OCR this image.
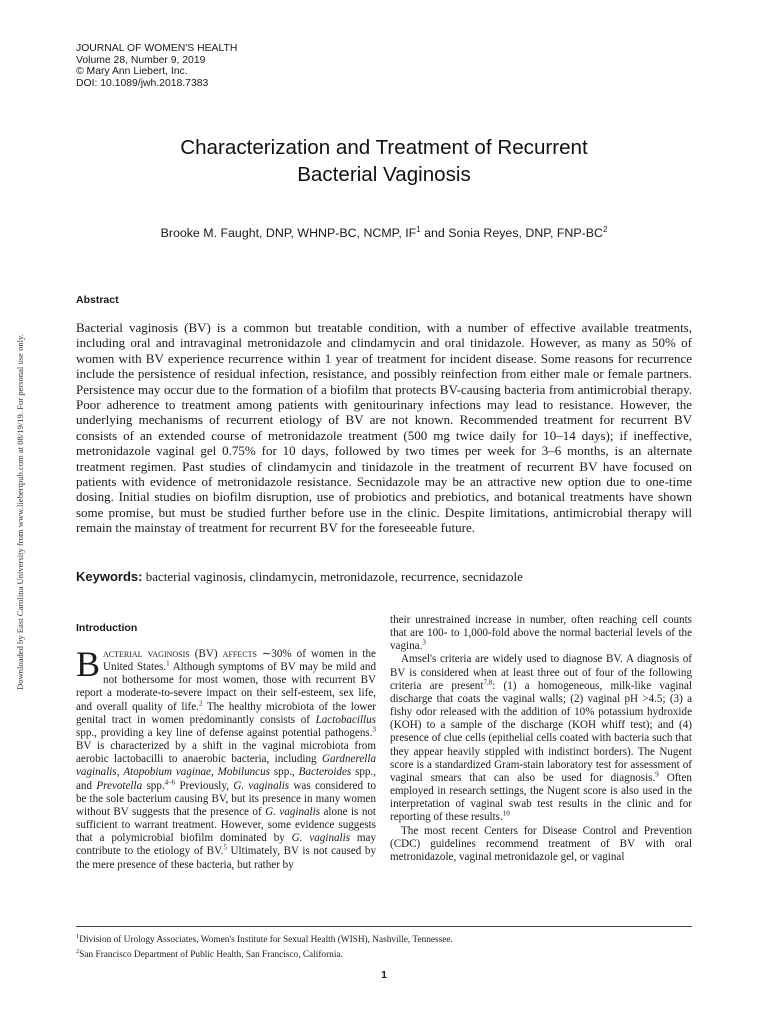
Downloaded by East Carolina University from www.liebertpub.com at 08/19/19. For personal use only.
JOURNAL OF WOMEN'S HEALTH
Volume 28, Number 9, 2019
© Mary Ann Liebert, Inc.
DOI: 10.1089/jwh.2018.7383
Characterization and Treatment of Recurrent
Bacterial Vaginosis
Brooke M. Faught, DNP, WHNP-BC, NCMP, $IF^1$ and Sonia Reyes, DNP, FNP-$BC^2$
Abstract

Bacterial vaginosis (BV) is a common but treatable condition, with a number of effective available treatments, including oral and intravaginal metronidazole and clindamycin and oral tinidazole. However, as many as 50% of women with BV experience recurrence within 1 year of treatment for incident disease. Some reasons for recurrence include the persistence of residual infection, resistance, and possibly reinfection from either male or female partners. Persistence may occur due to the formation of a biofilm that protects BV-causing bacteria from antimicrobial therapy. Poor adherence to treatment among patients with genitourinary infections may lead to resistance. However, the underlying mechanisms of recurrent etiology of BV are not known. Recommended treatment for recurrent BV consists of an extended course of metronidazole treatment (500 mg twice daily for 10–14 days); if ineffective, metronidazole vaginal gel 0.75% for 10 days, followed by two times per week for 3–6 months, is an alternate treatment regimen. Past studies of clindamycin and tinidazole in the treatment of recurrent BV have focused on patients with evidence of metronidazole resistance. Secnidazole may be an attractive new option due to one-time dosing. Initial studies on biofilm disruption, use of probiotics and prebiotics, and botanical treatments have shown some promise, but must be studied further before use in the clinic. Despite limitations, antimicrobial therapy will remain the mainstay of treatment for recurrent BV for the foreseeable future.

Keywords: bacterial vaginosis, clindamycin, metronidazole, recurrence, secnidazole
Introduction

Bacterial vaginosis (BV) affects ∼30% of women in the United States.$^1$ Although symptoms of BV may be mild and not bothersome for most women, those with recurrent BV report a moderate-to-severe impact on their self-esteem, sex life, and overall quality of life.$^2$ The healthy microbiota of the lower genital tract in women predominantly consists of Lactobacillus spp., providing a key line of defense against potential pathogens.$^3$ BV is characterized by a shift in the vaginal microbiota from aerobic lactobacilli to anaerobic bacteria, including Gardnerella vaginalis, Atopobium vaginae, Mobiluncus spp., Bacteroides spp., and Prevotella spp.$^{4-6}$ Previously, G. vaginalis was considered to be the sole bacterium causing BV, but its presence in many women without BV suggests that the presence of G. vaginalis alone is not sufficient to warrant treatment. However, some evidence suggests that a polymicrobial biofilm dominated by G. vaginalis may contribute to the etiology of BV.$^5$ Ultimately, BV is not caused by the mere presence of these bacteria, but rather by

their unrestrained increase in number, often reaching cell counts that are 100- to 1,000-fold above the normal bacterial levels of the vagina.$^3$

Amsel's criteria are widely used to diagnose BV. A diagnosis of BV is considered when at least three out of four of the following criteria are present$^{7,8}$: (1) a homogeneous, milk-like vaginal discharge that coats the vaginal walls; (2) vaginal pH >4.5; (3) a fishy odor released with the addition of 10% potassium hydroxide (KOH) to a sample of the discharge (KOH whiff test); and (4) presence of clue cells (epithelial cells coated with bacteria such that they appear heavily stippled with indistinct borders). The Nugent score is a standardized Gram-stain laboratory test for assessment of vaginal smears that can also be used for diagnosis.$^9$ Often employed in research settings, the Nugent score is also used in the interpretation of vaginal swab test results in the clinic and for reporting of these results.$^{10}$

The most recent Centers for Disease Control and Prevention (CDC) guidelines recommend treatment of BV with oral metronidazole, vaginal metronidazole gel, or vaginal

$^1$Division of Urology Associates, Women's Institute for Sexual Health (WISH), Nashville, Tennessee.
$^2$San Francisco Department of Public Health, San Francisco, California.
1
